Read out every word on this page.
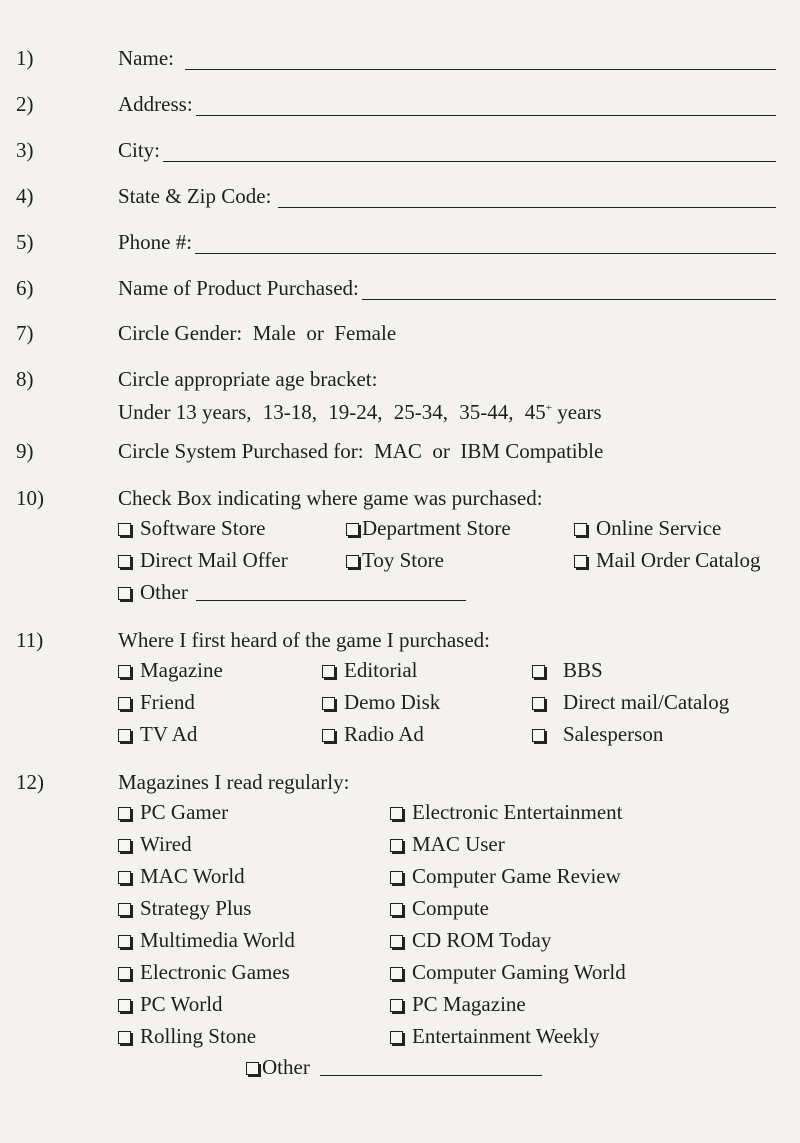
1)	Name:
2)	Address:
3)	City:
4)	State & Zip Code:
5)	Phone #:
6)	Name of Product Purchased:
7)	Circle Gender:  Male  or  Female
8)	Circle appropriate age bracket:
Under 13 years, 13-18, 19-24, 25-34, 35-44, 45+ years
9)	Circle System Purchased for:  MAC  or  IBM Compatible
10)	Check Box indicating where game was purchased:
Software Store	Department Store	Online Service
Direct Mail Offer	Toy Store	Mail Order Catalog
Other
11)	Where I first heard of the game I purchased:
Magazine	Editorial	BBS
Friend	Demo Disk	Direct mail/Catalog
TV Ad	Radio Ad	Salesperson
12)	Magazines I read regularly:
PC Gamer	Electronic Entertainment
Wired	MAC User
MAC World	Computer Game Review
Strategy Plus	Compute
Multimedia World	CD ROM Today
Electronic Games	Computer Gaming World
PC World	PC Magazine
Rolling Stone	Entertainment Weekly
Other
